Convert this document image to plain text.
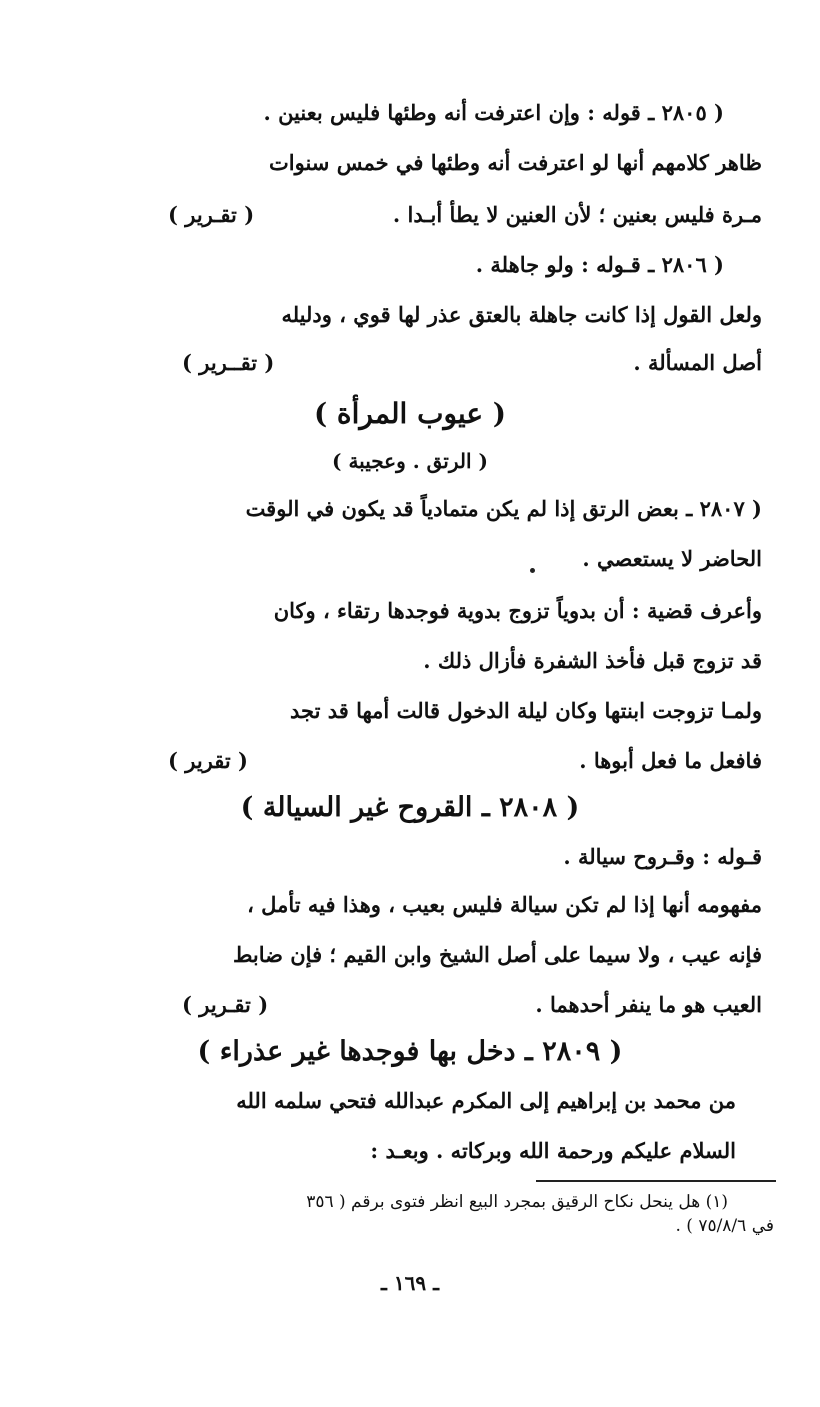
( ٢٨٠٥ ـ قوله : وإن اعترفت أنه وطئها فليس بعنين .
ظاهر كلامهم أنها لو اعترفت أنه وطئها في خمس سنوات
مـرة فليس بعنين ؛ لأن العنين لا يطأ أبـدا .
( تقـرير )
( ٢٨٠٦ ـ قـوله : ولو جاهلة .
ولعل القول إذا كانت جاهلة بالعتق عذر لها قوي ، ودليله
أصل المسألة .
( تقــرير )
( عيوب المرأة )
( الرتق . وعجيبة )
( ٢٨٠٧ ـ بعض الرتق إذا لم يكن متمادياً قد يكون في الوقت
الحاضر لا يستعصي .
وأعرف قضية : أن بدوياً تزوج بدوية فوجدها رتقاء ، وكان
قد تزوج قبل فأخذ الشفرة فأزال ذلك .
ولمـا تزوجت ابنتها وكان ليلة الدخول قالت أمها قد تجد
فافعل ما فعل أبوها .
( تقرير )
( ٢٨٠٨ ـ القروح غير السيالة )
قـوله : وقـروح سيالة .
مفهومه أنها إذا لم تكن سيالة فليس بعيب ، وهذا فيه تأمل ،
فإنه عيب ، ولا سيما على أصل الشيخ وابن القيم ؛ فإن ضابط
العيب هو ما ينفر أحدهما .
( تقـرير )
( ٢٨٠٩ ـ دخل بها فوجدها غير عذراء )
من محمد بن إبراهيم إلى المكرم عبدالله فتحي سلمه الله
السلام عليكم ورحمة الله وبركاته . وبعـد :
(١) هل ينحل نكاح الرقيق بمجرد البيع انظر فتوى برقم ( ٣٥٦
في ٧٥/٨/٦ ) .
ـ ١٦٩ ـ
